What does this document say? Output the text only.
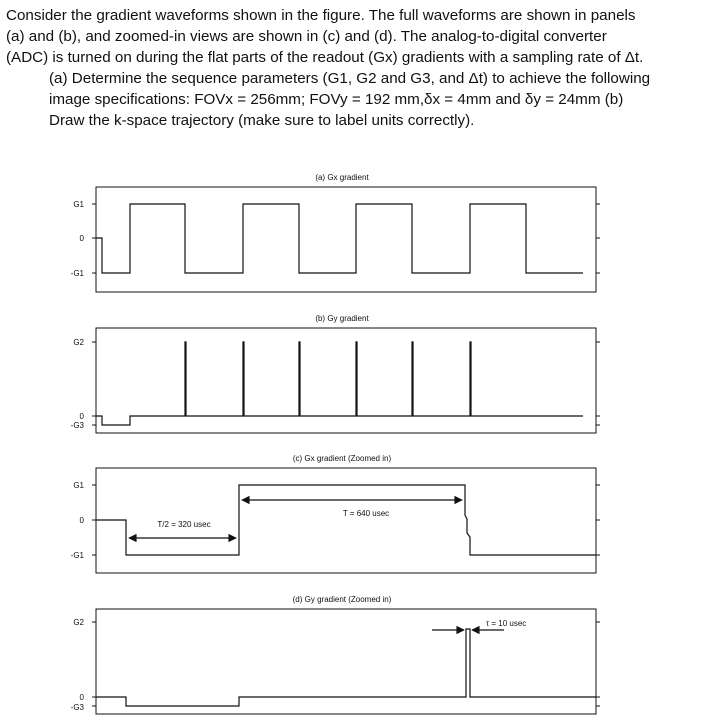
Consider the gradient waveforms shown in the figure. The full waveforms are shown in panels

(a) and (b), and zoomed-in views are shown in (c) and (d). The analog-to-digital converter

(ADC) is turned on during the flat parts of the readout (Gx) gradients with a sampling rate of Δt.

(a) Determine the sequence parameters (G1, G2 and G3, and Δt) to achieve the following

image specifications: FOVx = 256mm; FOVy = 192 mm,δx = 4mm and δy = 24mm (b)

Draw the k-space trajectory (make sure to label units correctly).

(a) Gx gradient
G1
0
-G1
(b) Gy gradient
G2
0
-G3
(c) Gx gradient (Zoomed in)
G1
0
-G1
T/2 = 320 usec
T = 640 usec
(d) Gy gradient (Zoomed in)
G2
0
-G3
τ = 10 usec
